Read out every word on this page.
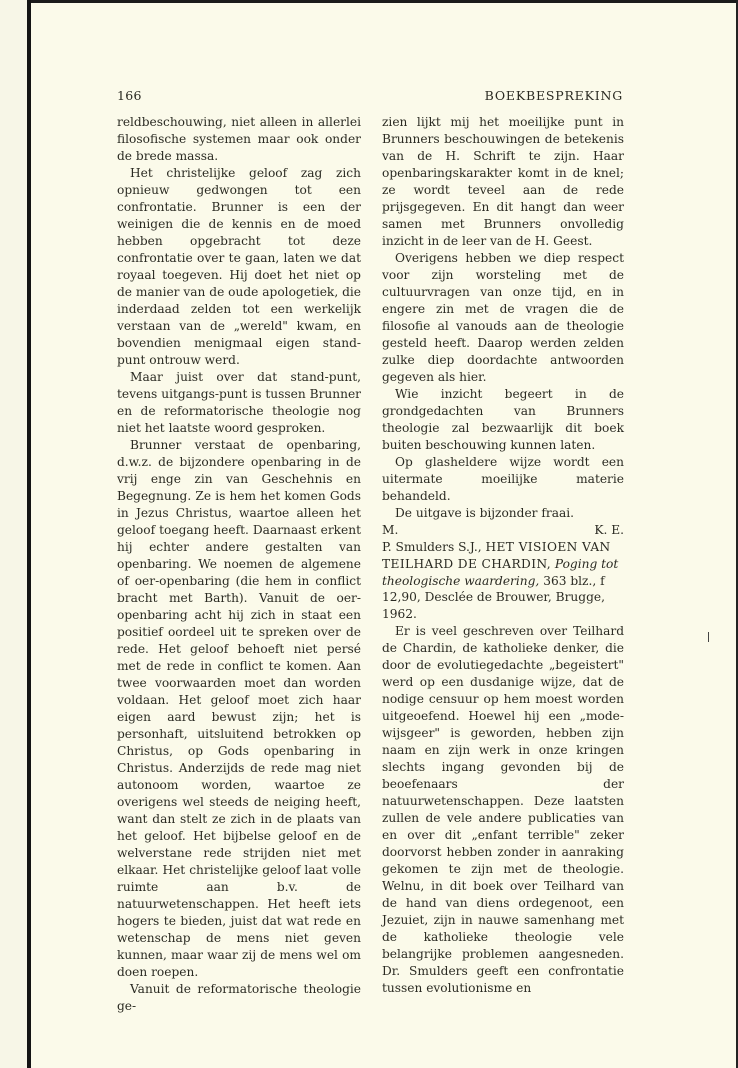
166	BOEKBESPREKING

reldbeschouwing, niet alleen in allerlei filosofische systemen maar ook onder de brede massa.

Het christelijke geloof zag zich opnieuw gedwongen tot een confrontatie. Brunner is een der weinigen die de kennis en de moed hebben opgebracht tot deze confrontatie over te gaan, laten we dat royaal toegeven. Hij doet het niet op de manier van de oude apologetiek, die inderdaad zelden tot een werkelijk verstaan van de „wereld" kwam, en bovendien menigmaal eigen stand-punt ontrouw werd.

Maar juist over dat stand-punt, tevens uitgangs-punt is tussen Brunner en de reformatorische theologie nog niet het laatste woord gesproken.

Brunner verstaat de openbaring, d.w.z. de bijzondere openbaring in de vrij enge zin van Geschehnis en Begegnung. Ze is hem het komen Gods in Jezus Christus, waartoe alleen het geloof toegang heeft. Daarnaast erkent hij echter andere gestalten van openbaring. We noemen de algemene of oer-openbaring (die hem in conflict bracht met Barth). Vanuit de oer-openbaring acht hij zich in staat een positief oordeel uit te spreken over de rede. Het geloof behoeft niet persé met de rede in conflict te komen. Aan twee voorwaarden moet dan worden voldaan. Het geloof moet zich haar eigen aard bewust zijn; het is personhaft, uitsluitend betrokken op Christus, op Gods openbaring in Christus. Anderzijds de rede mag niet autonoom worden, waartoe ze overigens wel steeds de neiging heeft, want dan stelt ze zich in de plaats van het geloof. Het bijbelse geloof en de welverstane rede strijden niet met elkaar. Het christelijke geloof laat volle ruimte aan b.v. de natuurwetenschappen. Het heeft iets hogers te bieden, juist dat wat rede en wetenschap de mens niet geven kunnen, maar waar zij de mens wel om doen roepen.

Vanuit de reformatorische theologie ge-

zien lijkt mij het moeilijke punt in Brunners beschouwingen de betekenis van de H. Schrift te zijn. Haar openbaringskarakter komt in de knel; ze wordt teveel aan de rede prijsgegeven. En dit hangt dan weer samen met Brunners onvolledig inzicht in de leer van de H. Geest.

Overigens hebben we diep respect voor zijn worsteling met de cultuurvragen van onze tijd, en in engere zin met de vragen die de filosofie al vanouds aan de theologie gesteld heeft. Daarop werden zelden zulke diep doordachte antwoorden gegeven als hier.

Wie inzicht begeert in de grondgedachten van Brunners theologie zal bezwaarlijk dit boek buiten beschouwing kunnen laten.

Op glasheldere wijze wordt een uitermate moeilijke materie behandeld.

De uitgave is bijzonder fraai.

M.	K. E.

P. Smulders S.J., HET VISIOEN VAN TEILHARD DE CHARDIN, Poging tot theologische waardering, 363 blz., f 12,90, Desclée de Brouwer, Brugge, 1962.

Er is veel geschreven over Teilhard de Chardin, de katholieke denker, die door de evolutiegedachte „begeistert" werd op een dusdanige wijze, dat de nodige censuur op hem moest worden uitgeoefend. Hoewel hij een „mode-wijsgeer" is geworden, hebben zijn naam en zijn werk in onze kringen slechts ingang gevonden bij de beoefenaars der natuurwetenschappen. Deze laatsten zullen de vele andere publicaties van en over dit „enfant terrible" zeker doorvorst hebben zonder in aanraking gekomen te zijn met de theologie. Welnu, in dit boek over Teilhard van de hand van diens ordegenoot, een Jezuiet, zijn in nauwe samenhang met de katholieke theologie vele belangrijke problemen aangesneden. Dr. Smulders geeft een confrontatie tussen evolutionisme en
